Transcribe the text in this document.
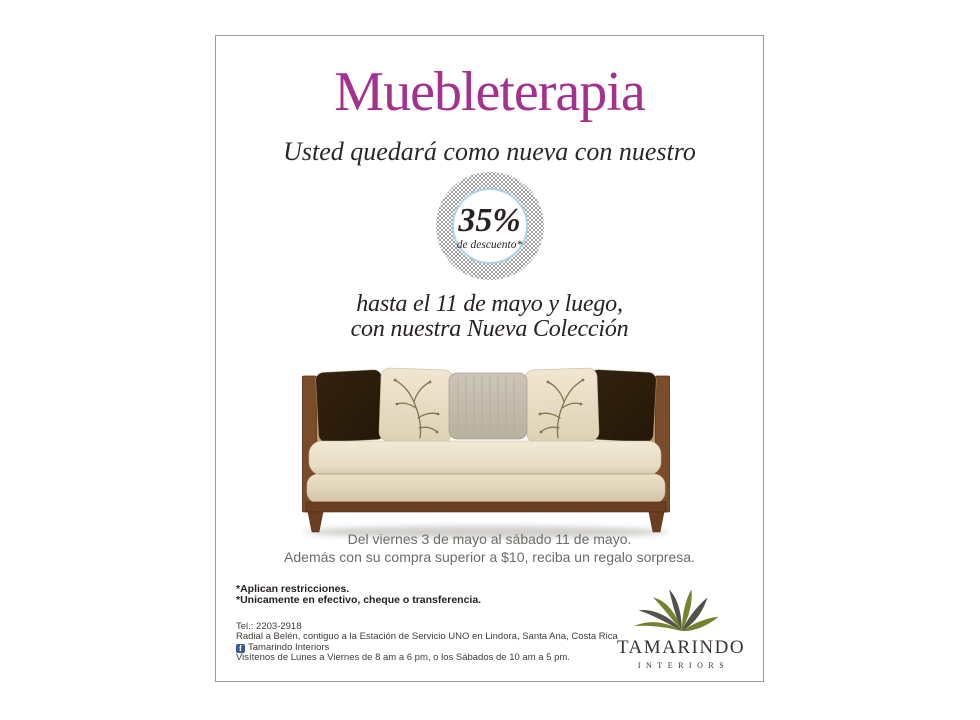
Muebleterapia
Usted quedará como nueva con nuestro
35%
de descuento*
hasta el 11 de mayo y luego,
con nuestra Nueva Colección
Del viernes 3 de mayo al sábado 11 de mayo.
Además con su compra superior a $10, reciba un regalo sorpresa.
*Aplican restricciones.
*Unicamente en efectivo, cheque o transferencia.
Tel.: 2203-2918
Radial a Belén, contiguo a la Estación de Servicio UNO en Lindora, Santa Ana, Costa Rica
f Tamarindo Interiors
Visítenos de Lunes a Viernes de 8 am a 6 pm, o los Sábados de 10 am a 5 pm.	TAMARINDO
INTERIORS
